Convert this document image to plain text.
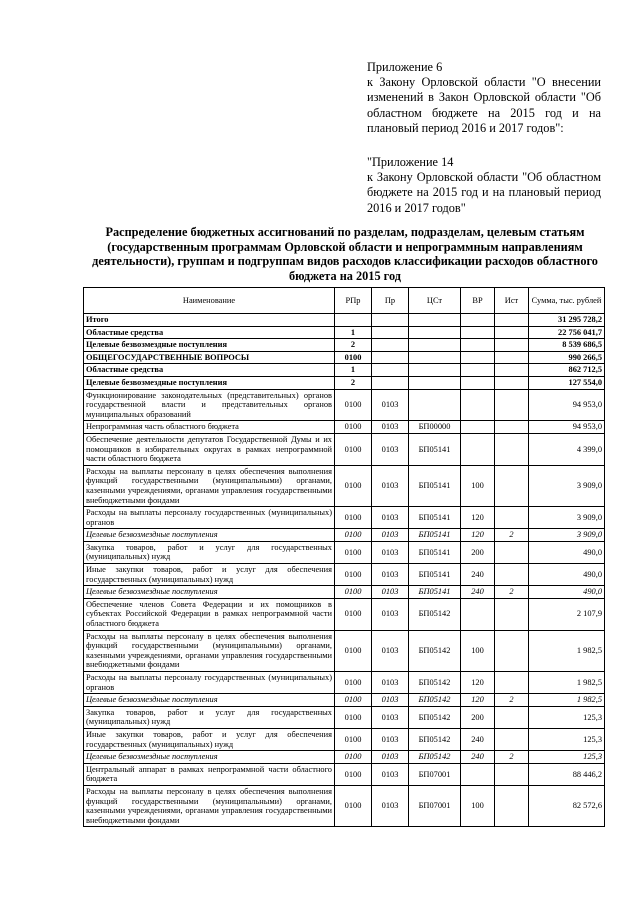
Приложение 6

к Закону Орловской области "О внесении изменений в Закон Орловской области "Об областном бюджете на 2015 год и на плановый период 2016 и 2017 годов":

"Приложение 14

к Закону Орловской области "Об областном бюджете на 2015 год и на плановый период 2016 и 2017 годов"

Распределение бюджетных ассигнований по разделам, подразделам, целевым статьям (государственным программам Орловской области и непрограммным направлениям деятельности), группам и подгруппам видов расходов классификации расходов областного бюджета на 2015 год
Наименование	РПр	Пр	ЦСт	ВР	Ист	Сумма, тыс. рублей
Итого						31 295 728,2
Областные средства	1					22 756 041,7
Целевые безвозмездные поступления	2					8 539 686,5
ОБЩЕГОСУДАРСТВЕННЫЕ ВОПРОСЫ	0100					990 266,5
Областные средства	1					862 712,5
Целевые безвозмездные поступления	2					127 554,0
Функционирование законодательных (представительных) органов государственной власти и представительных органов муниципальных образований	0100	0103				94 953,0
Непрограммная часть областного бюджета	0100	0103	БП00000			94 953,0
Обеспечение деятельности депутатов Государственной Думы и их помощников в избирательных округах в рамках непрограммной части областного бюджета	0100	0103	БП05141			4 399,0
Расходы на выплаты персоналу в целях обеспечения выполнения функций государственными (муниципальными) органами, казенными учреждениями, органами управления государственными внебюджетными фондами	0100	0103	БП05141	100		3 909,0
Расходы на выплаты персоналу государственных (муниципальных) органов	0100	0103	БП05141	120		3 909,0
Целевые безвозмездные поступления	0100	0103	БП05141	120	2	3 909,0
Закупка товаров, работ и услуг для государственных (муниципальных) нужд	0100	0103	БП05141	200		490,0
Иные закупки товаров, работ и услуг для обеспечения государственных (муниципальных) нужд	0100	0103	БП05141	240		490,0
Целевые безвозмездные поступления	0100	0103	БП05141	240	2	490,0
Обеспечение членов Совета Федерации и их помощников в субъектах Российской Федерации в рамках непрограммной части областного бюджета	0100	0103	БП05142			2 107,9
Расходы на выплаты персоналу в целях обеспечения выполнения функций государственными (муниципальными) органами, казенными учреждениями, органами управления государственными внебюджетными фондами	0100	0103	БП05142	100		1 982,5
Расходы на выплаты персоналу государственных (муниципальных) органов	0100	0103	БП05142	120		1 982,5
Целевые безвозмездные поступления	0100	0103	БП05142	120	2	1 982,5
Закупка товаров, работ и услуг для государственных (муниципальных) нужд	0100	0103	БП05142	200		125,3
Иные закупки товаров, работ и услуг для обеспечения государственных (муниципальных) нужд	0100	0103	БП05142	240		125,3
Целевые безвозмездные поступления	0100	0103	БП05142	240	2	125,3
Центральный аппарат в рамках непрограммной части областного бюджета	0100	0103	БП07001			88 446,2
Расходы на выплаты персоналу в целях обеспечения выполнения функций государственными (муниципальными) органами, казенными учреждениями, органами управления государственными внебюджетными фондами	0100	0103	БП07001	100		82 572,6
